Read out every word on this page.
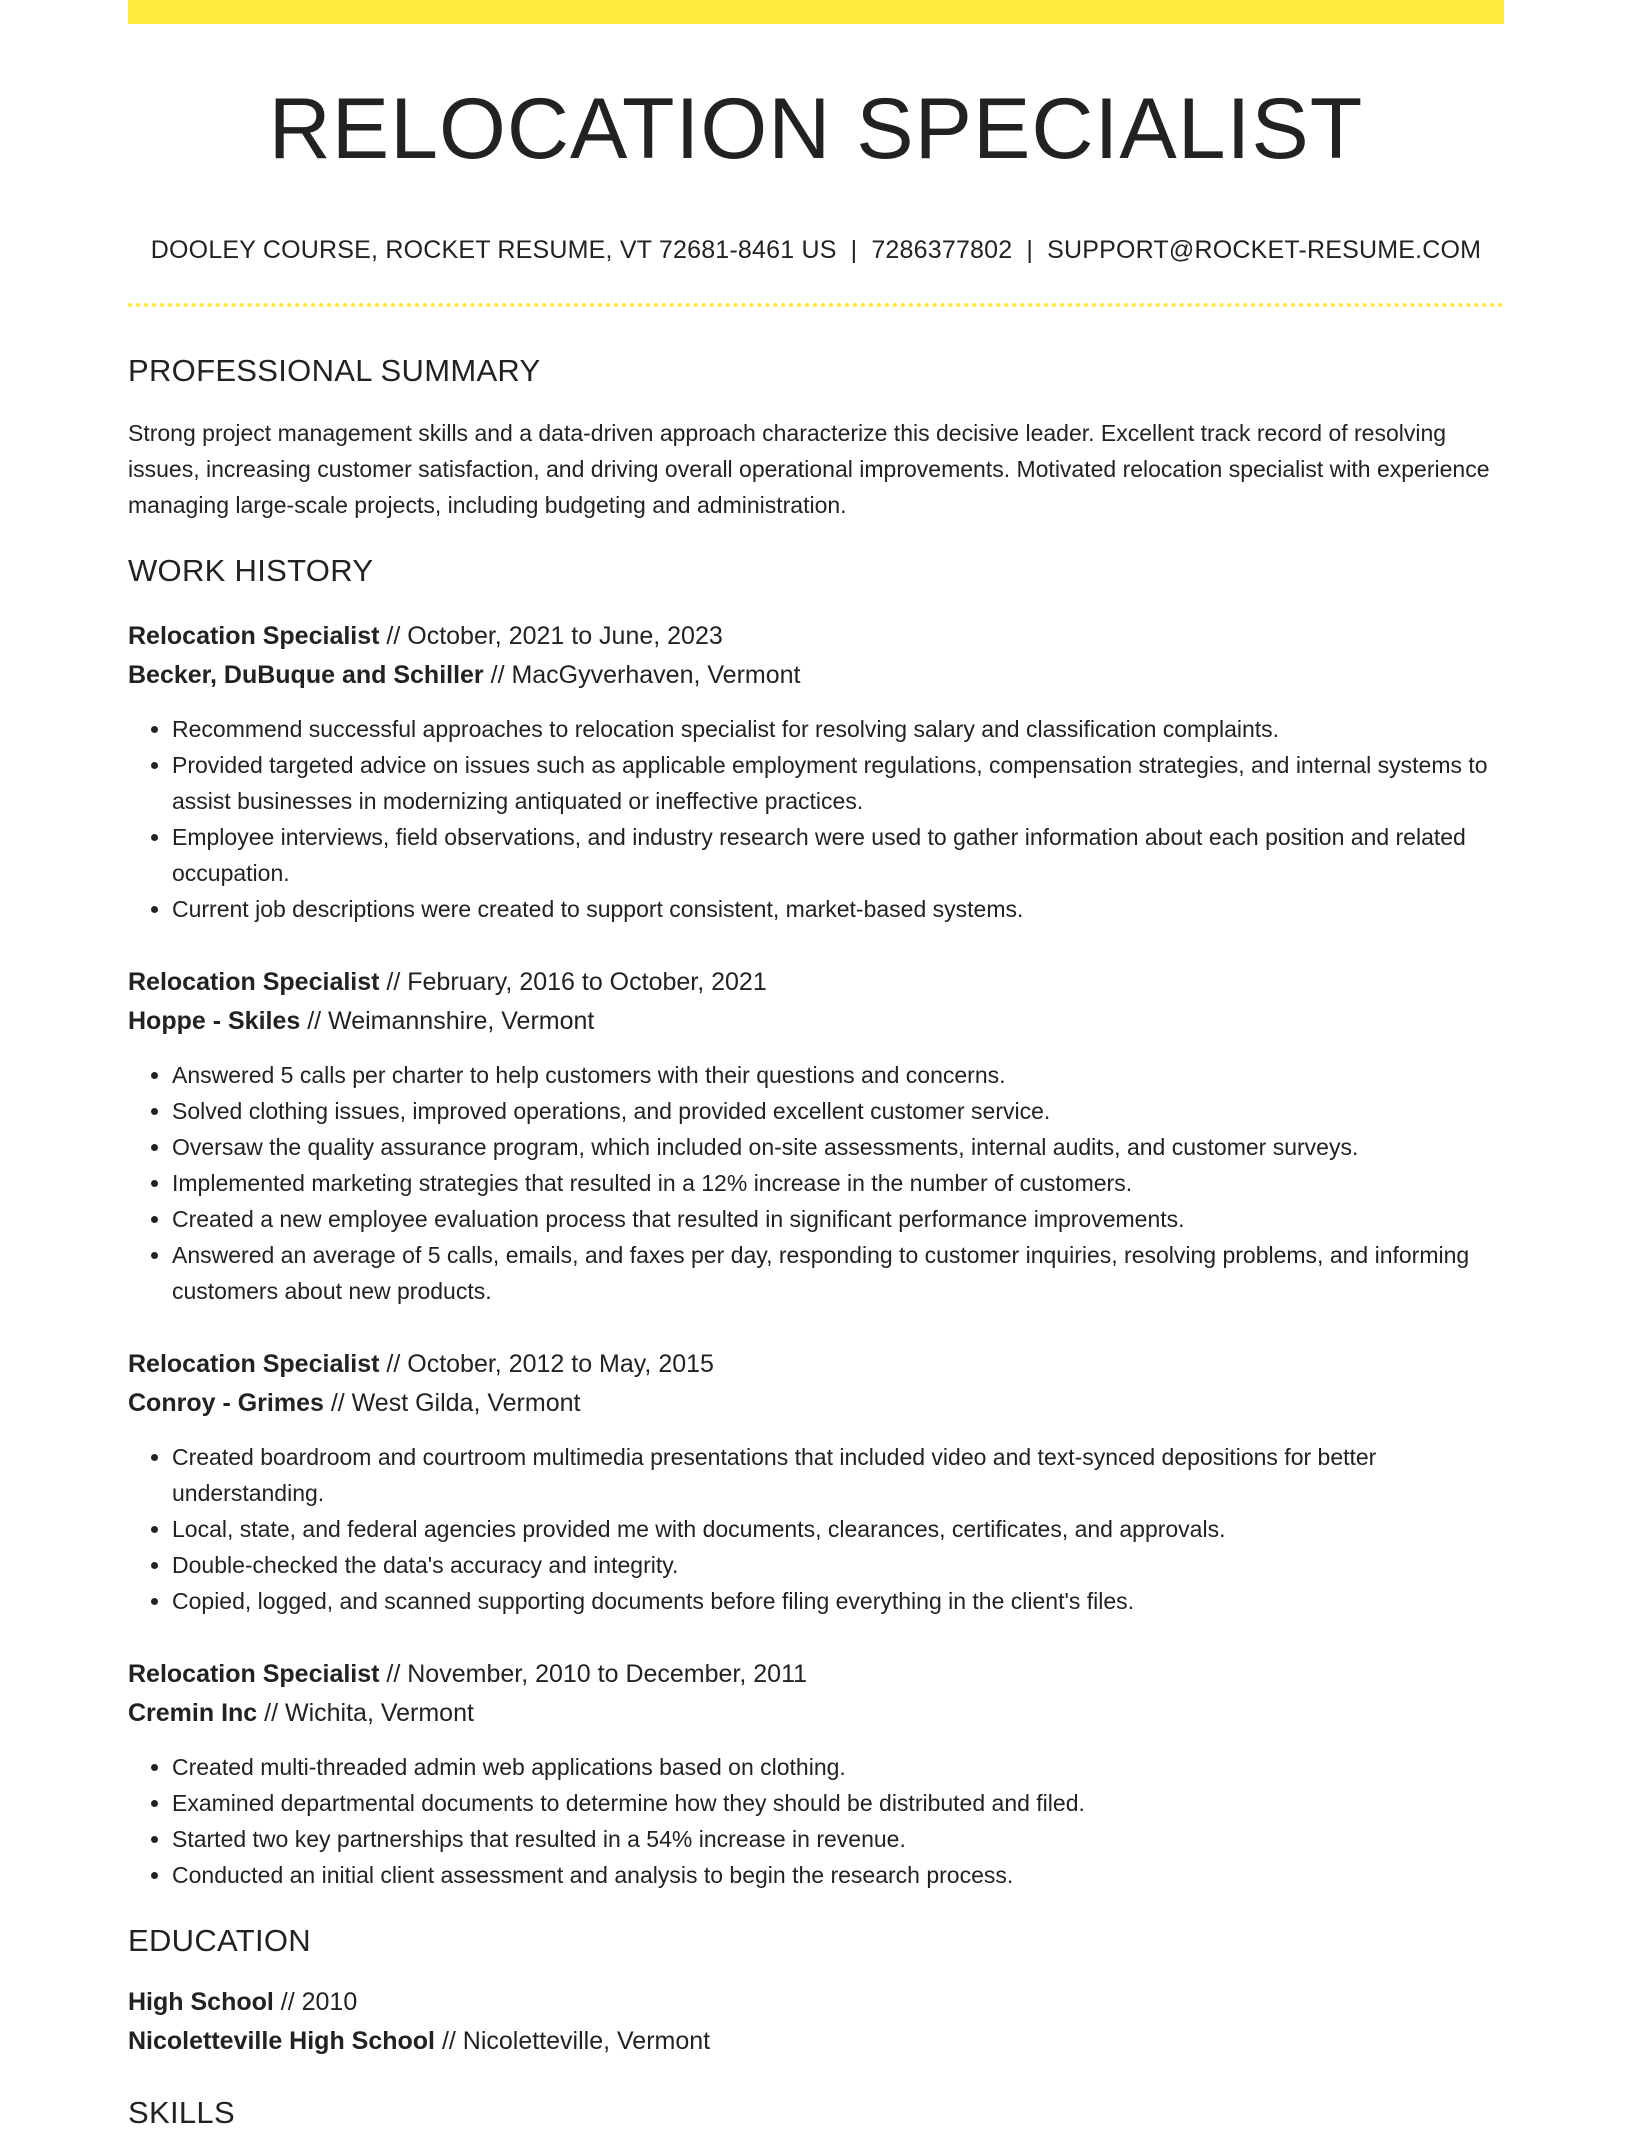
RELOCATION SPECIALIST
DOOLEY COURSE, ROCKET RESUME, VT 72681-8461 US | 7286377802 | SUPPORT@ROCKET-RESUME.COM
PROFESSIONAL SUMMARY
Strong project management skills and a data-driven approach characterize this decisive leader. Excellent track record of resolving issues, increasing customer satisfaction, and driving overall operational improvements. Motivated relocation specialist with experience managing large-scale projects, including budgeting and administration.
WORK HISTORY
Relocation Specialist // October, 2021 to June, 2023
Becker, DuBuque and Schiller // MacGyverhaven, Vermont
• Recommend successful approaches to relocation specialist for resolving salary and classification complaints.
• Provided targeted advice on issues such as applicable employment regulations, compensation strategies, and internal systems to assist businesses in modernizing antiquated or ineffective practices.
• Employee interviews, field observations, and industry research were used to gather information about each position and related occupation.
• Current job descriptions were created to support consistent, market-based systems.
Relocation Specialist // February, 2016 to October, 2021
Hoppe - Skiles // Weimannshire, Vermont
• Answered 5 calls per charter to help customers with their questions and concerns.
• Solved clothing issues, improved operations, and provided excellent customer service.
• Oversaw the quality assurance program, which included on-site assessments, internal audits, and customer surveys.
• Implemented marketing strategies that resulted in a 12% increase in the number of customers.
• Created a new employee evaluation process that resulted in significant performance improvements.
• Answered an average of 5 calls, emails, and faxes per day, responding to customer inquiries, resolving problems, and informing customers about new products.
Relocation Specialist // October, 2012 to May, 2015
Conroy - Grimes // West Gilda, Vermont
• Created boardroom and courtroom multimedia presentations that included video and text-synced depositions for better understanding.
• Local, state, and federal agencies provided me with documents, clearances, certificates, and approvals.
• Double-checked the data's accuracy and integrity.
• Copied, logged, and scanned supporting documents before filing everything in the client's files.
Relocation Specialist // November, 2010 to December, 2011
Cremin Inc // Wichita, Vermont
• Created multi-threaded admin web applications based on clothing.
• Examined departmental documents to determine how they should be distributed and filed.
• Started two key partnerships that resulted in a 54% increase in revenue.
• Conducted an initial client assessment and analysis to begin the research process.
EDUCATION
High School // 2010
Nicoletteville High School // Nicoletteville, Vermont
SKILLS
